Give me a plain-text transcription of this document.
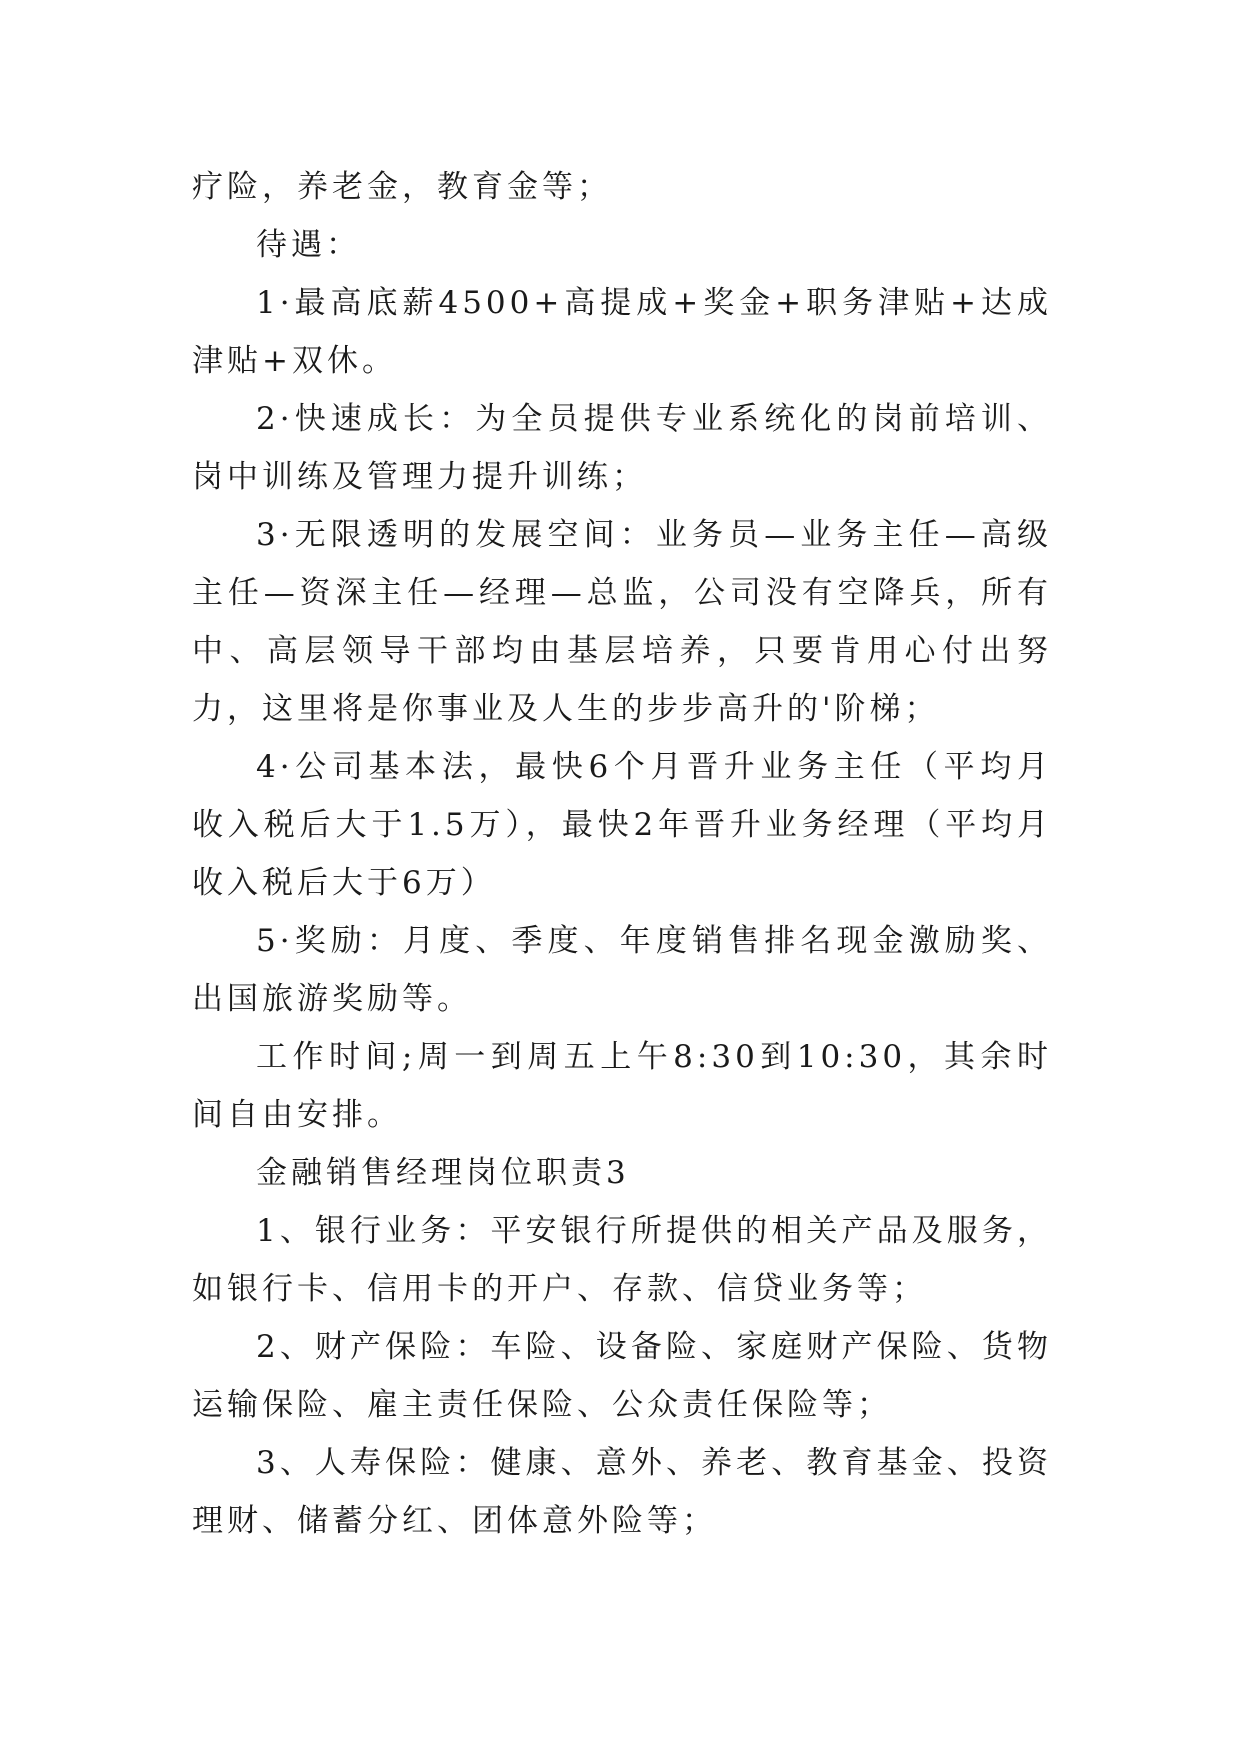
疗险，养老金，教育金等；

待遇：

1·最高底薪4500+高提成+奖金+职务津贴+达成津贴+双休。

2·快速成长：为全员提供专业系统化的岗前培训、岗中训练及管理力提升训练；

3·无限透明的发展空间：业务员—业务主任—高级主任—资深主任—经理—总监，公司没有空降兵，所有中、高层领导干部均由基层培养，只要肯用心付出努力，这里将是你事业及人生的步步高升的'阶梯；

4·公司基本法，最快6个月晋升业务主任（平均月收入税后大于1.5万），最快2年晋升业务经理（平均月收入税后大于6万）

5·奖励：月度、季度、年度销售排名现金激励奖、出国旅游奖励等。

工作时间;周一到周五上午8:30到10:30，其余时间自由安排。

金融销售经理岗位职责3

1、银行业务：平安银行所提供的相关产品及服务，如银行卡、信用卡的开户、存款、信贷业务等；

2、财产保险：车险、设备险、家庭财产保险、货物运输保险、雇主责任保险、公众责任保险等；

3、人寿保险：健康、意外、养老、教育基金、投资理财、储蓄分红、团体意外险等；
